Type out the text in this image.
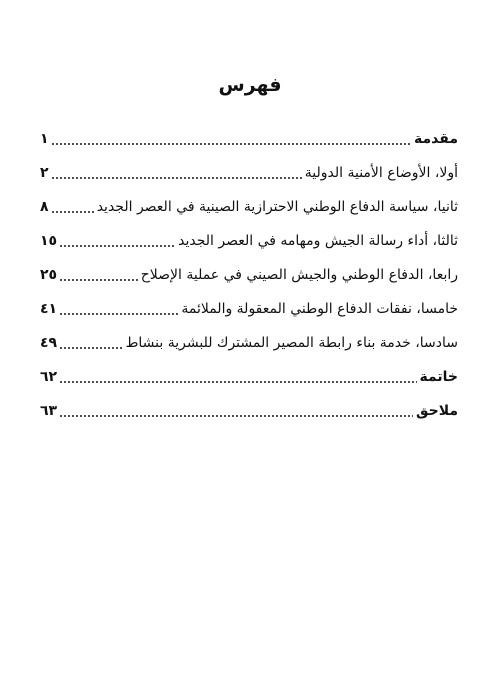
فهرس
مقدمة
١
أولا، الأوضاع الأمنية الدولية
٢
ثانيا، سياسة الدفاع الوطني الاحترازية الصينية في العصر الجديد
٨
ثالثا، أداء رسالة الجيش ومهامه في العصر الجديد
١٥
رابعا، الدفاع الوطني والجيش الصيني في عملية الإصلاح
٢٥
خامسا، نفقات الدفاع الوطني المعقولة والملائمة
٤١
سادسا، خدمة بناء رابطة المصير المشترك للبشرية بنشاط
٤٩
خاتمة
٦٢
ملاحق
٦٣
